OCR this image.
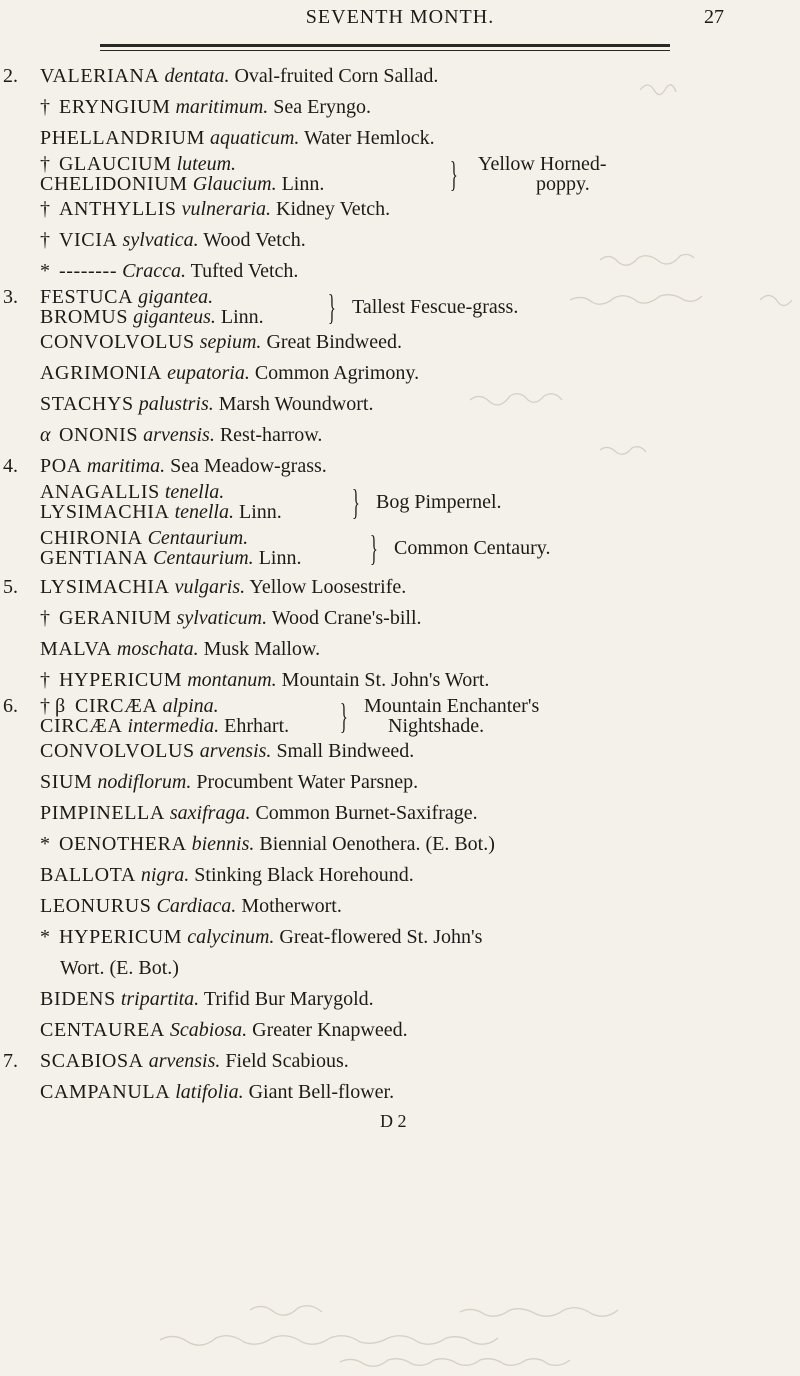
SEVENTH MONTH.	27
2.	VALERIANA dentata. Oval-fruited Corn Sallad.
† ERYNGIUM maritimum. Sea Eryngo.
PHELLANDRIUM aquaticum. Water Hemlock.
† GLAUCIUM luteum.
CHELIDONIUM Glaucium. Linn.	} Yellow Horned-
poppy.
† ANTHYLLIS vulneraria. Kidney Vetch.
† VICIA sylvatica. Wood Vetch.
* -------- Cracca. Tufted Vetch.
3. FESTUCA gigantea.
BROMUS giganteus. Linn. } Tallest Fescue-grass.
CONVOLVOLUS sepium. Great Bindweed.
AGRIMONIA eupatoria. Common Agrimony.
STACHYS palustris. Marsh Woundwort.
α ONONIS arvensis. Rest-harrow.
4.	POA maritima. Sea Meadow-grass.
ANAGALLIS tenella.
LYSIMACHIA tenella. Linn. } Bog Pimpernel.
CHIRONIA Centaurium.
GENTIANA Centaurium. Linn. } Common Centaury.
5.	LYSIMACHIA vulgaris. Yellow Loosestrife.
† GERANIUM sylvaticum. Wood Crane's-bill.
MALVA moschata. Musk Mallow.
† HYPERICUM montanum. Mountain St. John's Wort.
6. † β CIRCÆA alpina.
CIRCÆA intermedia. Ehrhart. } Mountain Enchanter's
Nightshade.
CONVOLVOLUS arvensis. Small Bindweed.
SIUM nodiflorum. Procumbent Water Parsnep.
PIMPINELLA saxifraga. Common Burnet-Saxifrage.
* OENOTHERA biennis. Biennial Oenothera. (E. Bot.)
BALLOTA nigra. Stinking Black Horehound.
LEONURUS Cardiaca. Motherwort.
* HYPERICUM calycinum. Great-flowered St. John's
Wort. (E. Bot.)
BIDENS tripartita. Trifid Bur Marygold.
CENTAUREA Scabiosa. Greater Knapweed.
7.	SCABIOSA arvensis. Field Scabious.
CAMPANULA latifolia. Giant Bell-flower.
D 2
